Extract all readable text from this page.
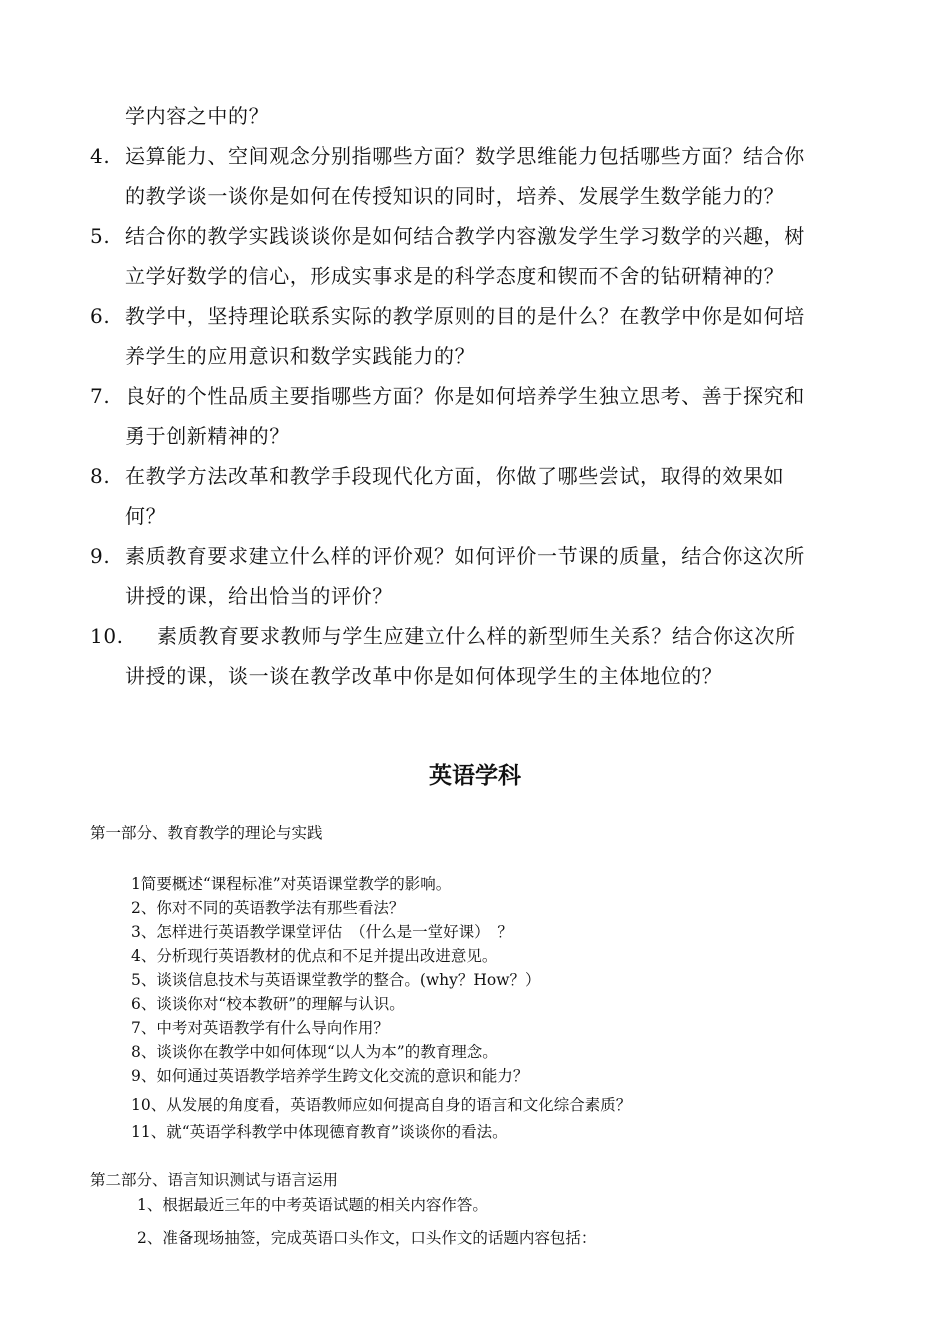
学内容之中的？
4. 运算能力、空间观念分别指哪些方面？数学思维能力包括哪些方面？结合你
的教学谈一谈你是如何在传授知识的同时，培养、发展学生数学能力的？
5. 结合你的教学实践谈谈你是如何结合教学内容激发学生学习数学的兴趣，树
立学好数学的信心，形成实事求是的科学态度和锲而不舍的钻研精神的？
6. 教学中，坚持理论联系实际的教学原则的目的是什么？在教学中你是如何培
养学生的应用意识和数学实践能力的？
7. 良好的个性品质主要指哪些方面？你是如何培养学生独立思考、善于探究和
勇于创新精神的？
8. 在教学方法改革和教学手段现代化方面，你做了哪些尝试，取得的效果如
何？
9. 素质教育要求建立什么样的评价观？如何评价一节课的质量，结合你这次所
讲授的课，给出恰当的评价？
10. 素质教育要求教师与学生应建立什么样的新型师生关系？结合你这次所
讲授的课，谈一谈在教学改革中你是如何体现学生的主体地位的？
英语学科
第一部分、教育教学的理论与实践
1简要概述“课程标准”对英语课堂教学的影响。
2、你对不同的英语教学法有那些看法？
3、怎样进行英语教学课堂评估　（什么是一堂好课）　？
4、分析现行英语教材的优点和不足并提出改进意见。
5、谈谈信息技术与英语课堂教学的整合。(why？How？）
6、谈谈你对“校本教研”的理解与认识。
7、中考对英语教学有什么导向作用？
8、谈谈你在教学中如何体现“以人为本”的教育理念。
9、如何通过英语教学培养学生跨文化交流的意识和能力？
10、从发展的角度看，英语教师应如何提高自身的语言和文化综合素质？
11、就“英语学科教学中体现德育教育”谈谈你的看法。
第二部分、语言知识测试与语言运用
1、根据最近三年的中考英语试题的相关内容作答。
2、准备现场抽签，完成英语口头作文，口头作文的话题内容包括：
